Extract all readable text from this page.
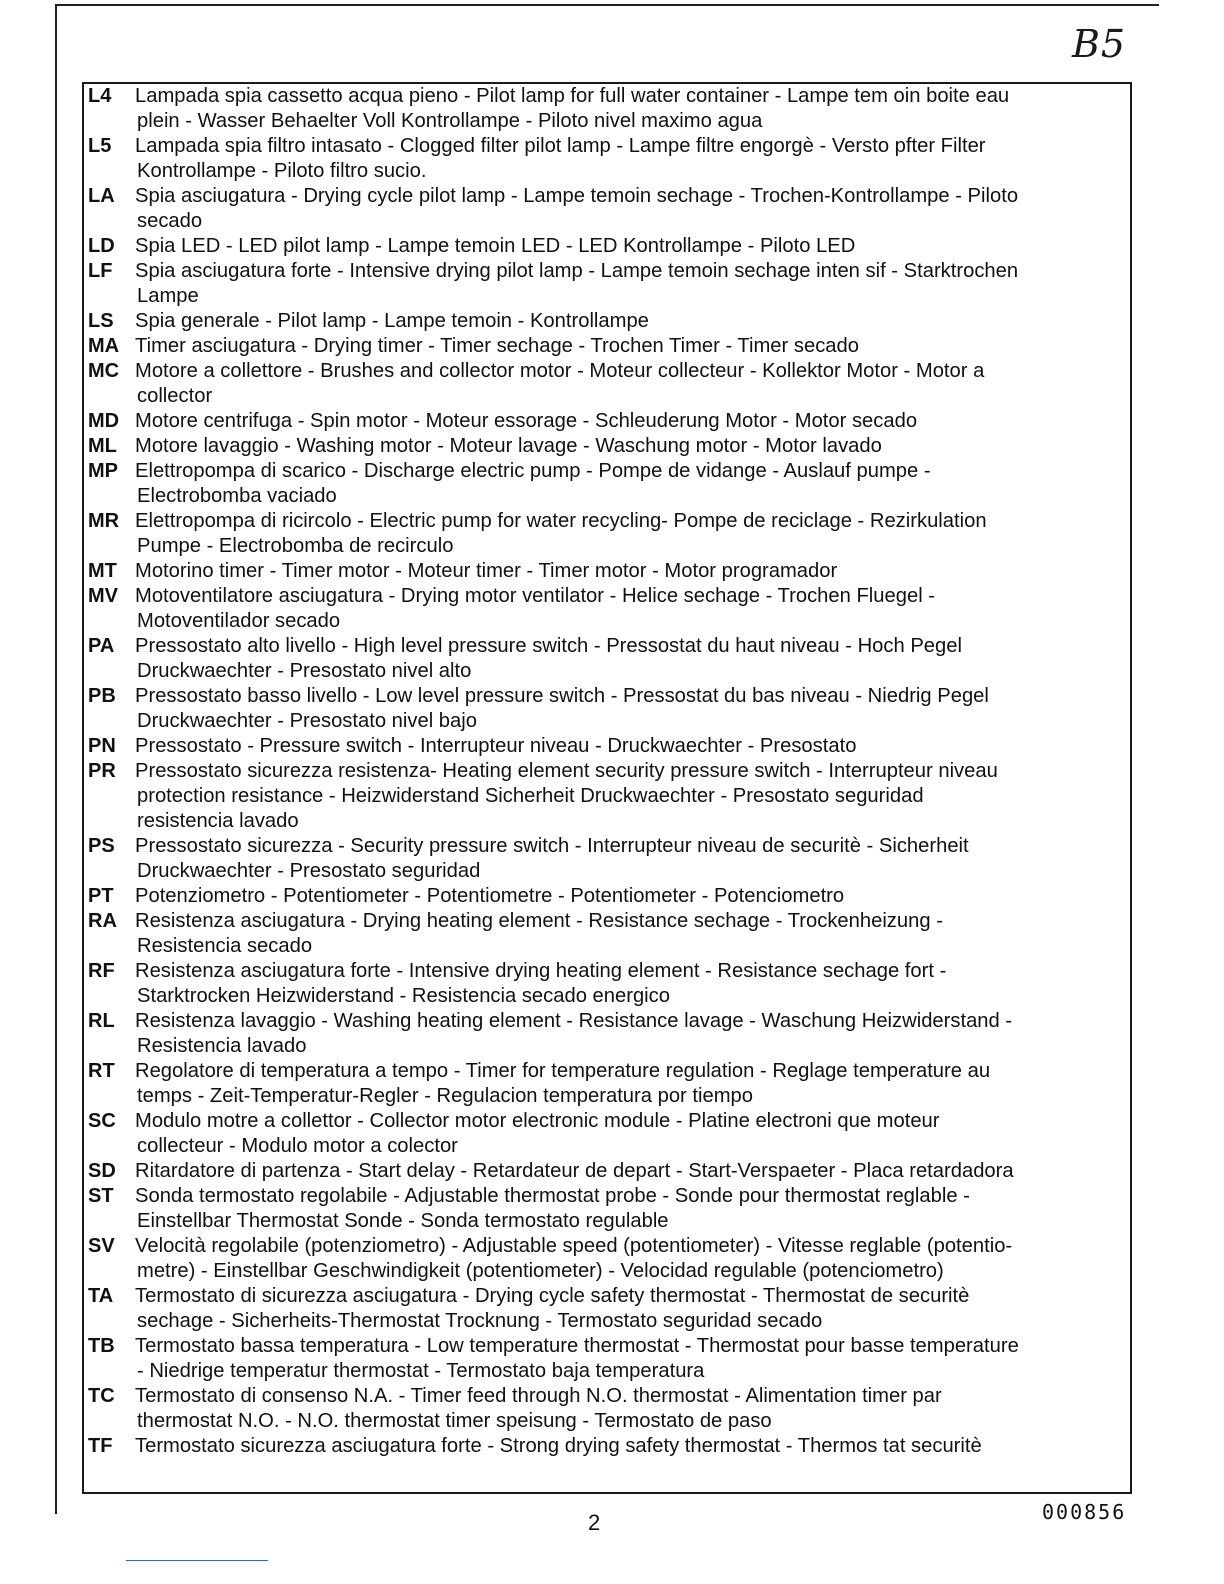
B5
L4	Lampada spia cassetto acqua pieno - Pilot lamp for full water container - Lampe tem oin boite eau
plein - Wasser Behaelter Voll Kontrollampe - Piloto nivel maximo agua
L5	Lampada spia filtro intasato - Clogged filter pilot lamp - Lampe filtre engorgè - Versto pfter Filter
Kontrollampe - Piloto filtro sucio.
LA	Spia asciugatura - Drying cycle pilot lamp - Lampe temoin sechage - Trochen-Kontrollampe - Piloto
secado
LD	Spia LED - LED pilot lamp - Lampe temoin LED - LED Kontrollampe - Piloto LED
LF	Spia asciugatura forte - Intensive drying pilot lamp - Lampe temoin sechage inten sif - Starktrochen
Lampe
LS	Spia generale - Pilot lamp - Lampe temoin - Kontrollampe
MA Timer asciugatura - Drying timer - Timer sechage - Trochen Timer - Timer secado
MC Motore a collettore - Brushes and collector motor - Moteur collecteur - Kollektor Motor - Motor a
collector
MD Motore centrifuga - Spin motor - Moteur essorage - Schleuderung Motor - Motor secado
ML Motore lavaggio - Washing motor - Moteur lavage - Waschung motor - Motor lavado
MP Elettropompa di scarico - Discharge electric pump - Pompe de vidange - Auslauf pumpe -
Electrobomba vaciado
MR Elettropompa di ricircolo - Electric pump for water recycling- Pompe de reciclage - Rezirkulation
Pumpe - Electrobomba de recirculo
MT Motorino timer - Timer motor - Moteur timer - Timer motor - Motor programador
MV Motoventilatore asciugatura - Drying motor ventilator - Helice sechage - Trochen Fluegel -
Motoventilador secado
PA	Pressostato alto livello - High level pressure switch - Pressostat du haut niveau - Hoch Pegel
Druckwaechter - Presostato nivel alto
PB Pressostato basso livello - Low level pressure switch - Pressostat du bas niveau - Niedrig Pegel
Druckwaechter - Presostato nivel bajo
PN Pressostato - Pressure switch - Interrupteur niveau - Druckwaechter - Presostato
PR Pressostato sicurezza resistenza- Heating element security pressure switch - Interrupteur niveau
protection resistance - Heizwiderstand Sicherheit Druckwaechter - Presostato seguridad
resistencia lavado
PS	Pressostato sicurezza - Security pressure switch - Interrupteur niveau de securitè - Sicherheit
Druckwaechter - Presostato seguridad
PT	Potenziometro - Potentiometer - Potentiometre - Potentiometer - Potenciometro
RA Resistenza asciugatura - Drying heating element - Resistance sechage - Trockenheizung -
Resistencia secado
RF	Resistenza asciugatura forte - Intensive drying heating element - Resistance sechage fort -
Starktrocken Heizwiderstand - Resistencia secado energico
RL	Resistenza lavaggio - Washing heating element - Resistance lavage - Waschung Heizwiderstand -
Resistencia lavado
RT	Regolatore di temperatura a tempo - Timer for temperature regulation - Reglage temperature au
temps - Zeit-Temperatur-Regler - Regulacion temperatura por tiempo
SC Modulo motre a collettor - Collector motor electronic module - Platine electroni que moteur
collecteur - Modulo motor a colector
SD Ritardatore di partenza - Start delay - Retardateur de depart - Start-Verspaeter - Placa retardadora
ST	Sonda termostato regolabile - Adjustable thermostat probe - Sonde pour thermostat reglable -
Einstellbar Thermostat Sonde - Sonda termostato regulable
SV	Velocità regolabile (potenziometro) - Adjustable speed (potentiometer) - Vitesse reglable (potentio-
metre) - Einstellbar Geschwindigkeit (potentiometer) - Velocidad regulable (potenciometro)
TA	Termostato di sicurezza asciugatura - Drying cycle safety thermostat - Thermostat de securitè
sechage - Sicherheits-Thermostat Trocknung - Termostato seguridad secado
TB	Termostato bassa temperatura - Low temperature thermostat - Thermostat pour basse temperature
- Niedrige temperatur thermostat - Termostato baja temperatura
TC	Termostato di consenso N.A. - Timer feed through N.O. thermostat - Alimentation timer par
thermostat N.O. - N.O. thermostat timer speisung - Termostato de paso
TF	Termostato sicurezza asciugatura forte - Strong drying safety thermostat - Thermos tat securitè
2	000856
